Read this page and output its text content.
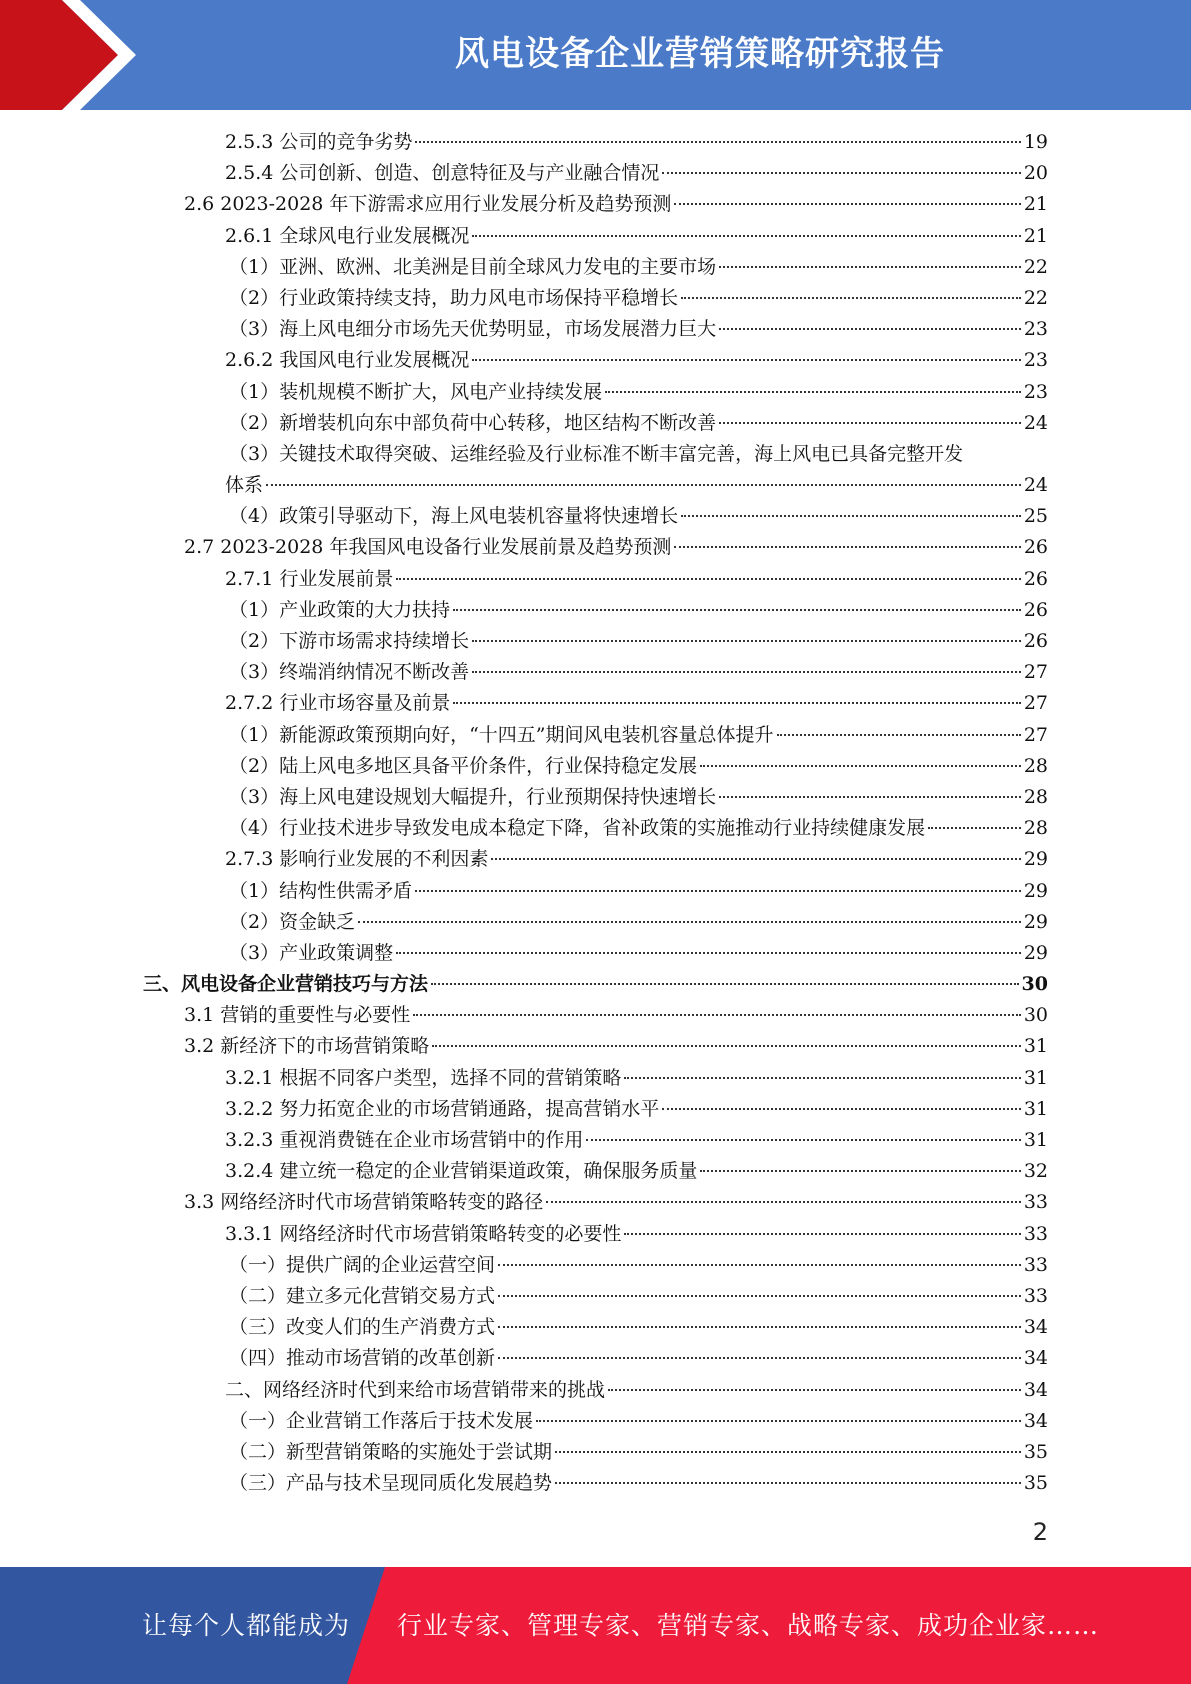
风电设备企业营销策略研究报告
2.5.3 公司的竞争劣势	19
2.5.4 公司创新、创造、创意特征及与产业融合情况	20
2.6 2023-2028 年下游需求应用行业发展分析及趋势预测	21
2.6.1 全球风电行业发展概况	21
（1）亚洲、欧洲、北美洲是目前全球风力发电的主要市场	22
（2）行业政策持续支持，助力风电市场保持平稳增长	22
（3）海上风电细分市场先天优势明显，市场发展潜力巨大	23
2.6.2 我国风电行业发展概况	23
（1）装机规模不断扩大，风电产业持续发展	23
（2）新增装机向东中部负荷中心转移，地区结构不断改善	24
（3）关键技术取得突破、运维经验及行业标准不断丰富完善，海上风电已具备完整开发
体系	24
（4）政策引导驱动下，海上风电装机容量将快速增长	25
2.7 2023-2028 年我国风电设备行业发展前景及趋势预测	26
2.7.1 行业发展前景	26
（1）产业政策的大力扶持	26
（2）下游市场需求持续增长	26
（3）终端消纳情况不断改善	27
2.7.2 行业市场容量及前景	27
（1）新能源政策预期向好，“十四五”期间风电装机容量总体提升	27
（2）陆上风电多地区具备平价条件，行业保持稳定发展	28
（3）海上风电建设规划大幅提升，行业预期保持快速增长	28
（4）行业技术进步导致发电成本稳定下降，省补政策的实施推动行业持续健康发展	28
2.7.3 影响行业发展的不利因素	29
（1）结构性供需矛盾	29
（2）资金缺乏	29
（3）产业政策调整	29
三、风电设备企业营销技巧与方法	30
3.1 营销的重要性与必要性	30
3.2 新经济下的市场营销策略	31
3.2.1 根据不同客户类型，选择不同的营销策略	31
3.2.2 努力拓宽企业的市场营销通路，提高营销水平	31
3.2.3 重视消费链在企业市场营销中的作用	31
3.2.4 建立统一稳定的企业营销渠道政策，确保服务质量	32
3.3 网络经济时代市场营销策略转变的路径	33
3.3.1 网络经济时代市场营销策略转变的必要性	33
（一）提供广阔的企业运营空间	33
（二）建立多元化营销交易方式	33
（三）改变人们的生产消费方式	34
（四）推动市场营销的改革创新	34
二、网络经济时代到来给市场营销带来的挑战	34
（一）企业营销工作落后于技术发展	34
（二）新型营销策略的实施处于尝试期	35
（三）产品与技术呈现同质化发展趋势	35
2
让每个人都能成为 行业专家、管理专家、营销专家、战略专家、成功企业家……
